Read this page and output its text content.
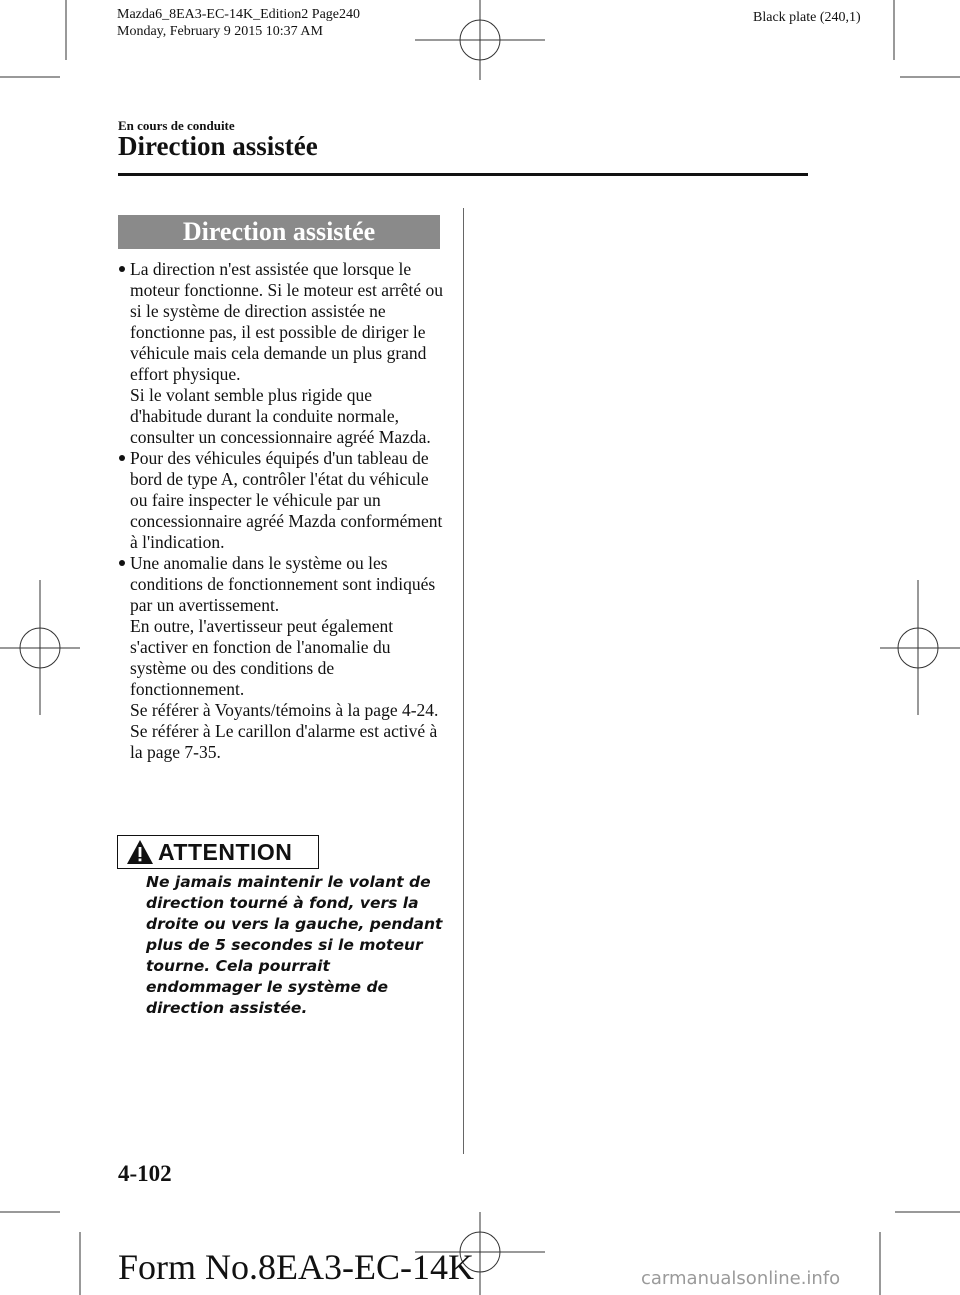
Mazda6_8EA3-EC-14K_Edition2 Page240
Monday, February 9 2015 10:37 AM
Black plate (240,1)
En cours de conduite
Direction assistée
Direction assistée
La direction n'est assistée que lorsque le moteur fonctionne. Si le moteur est arrêté ou si le système de direction assistée ne fonctionne pas, il est possible de diriger le véhicule mais cela demande un plus grand effort physique.
Si le volant semble plus rigide que d'habitude durant la conduite normale, consulter un concessionnaire agréé Mazda.
Pour des véhicules équipés d'un tableau de bord de type A, contrôler l'état du véhicule ou faire inspecter le véhicule par un concessionnaire agréé Mazda conformément à l'indication.
Une anomalie dans le système ou les conditions de fonctionnement sont indiqués par un avertissement.
En outre, l'avertisseur peut également s'activer en fonction de l'anomalie du système ou des conditions de fonctionnement.
Se référer à Voyants/témoins à la page 4-24.
Se référer à Le carillon d'alarme est activé à la page 7-35.
ATTENTION
Ne jamais maintenir le volant de direction tourné à fond, vers la droite ou vers la gauche, pendant plus de 5 secondes si le moteur tourne. Cela pourrait endommager le système de direction assistée.
4-102
Form No.8EA3-EC-14K	carmanualsonline.info
